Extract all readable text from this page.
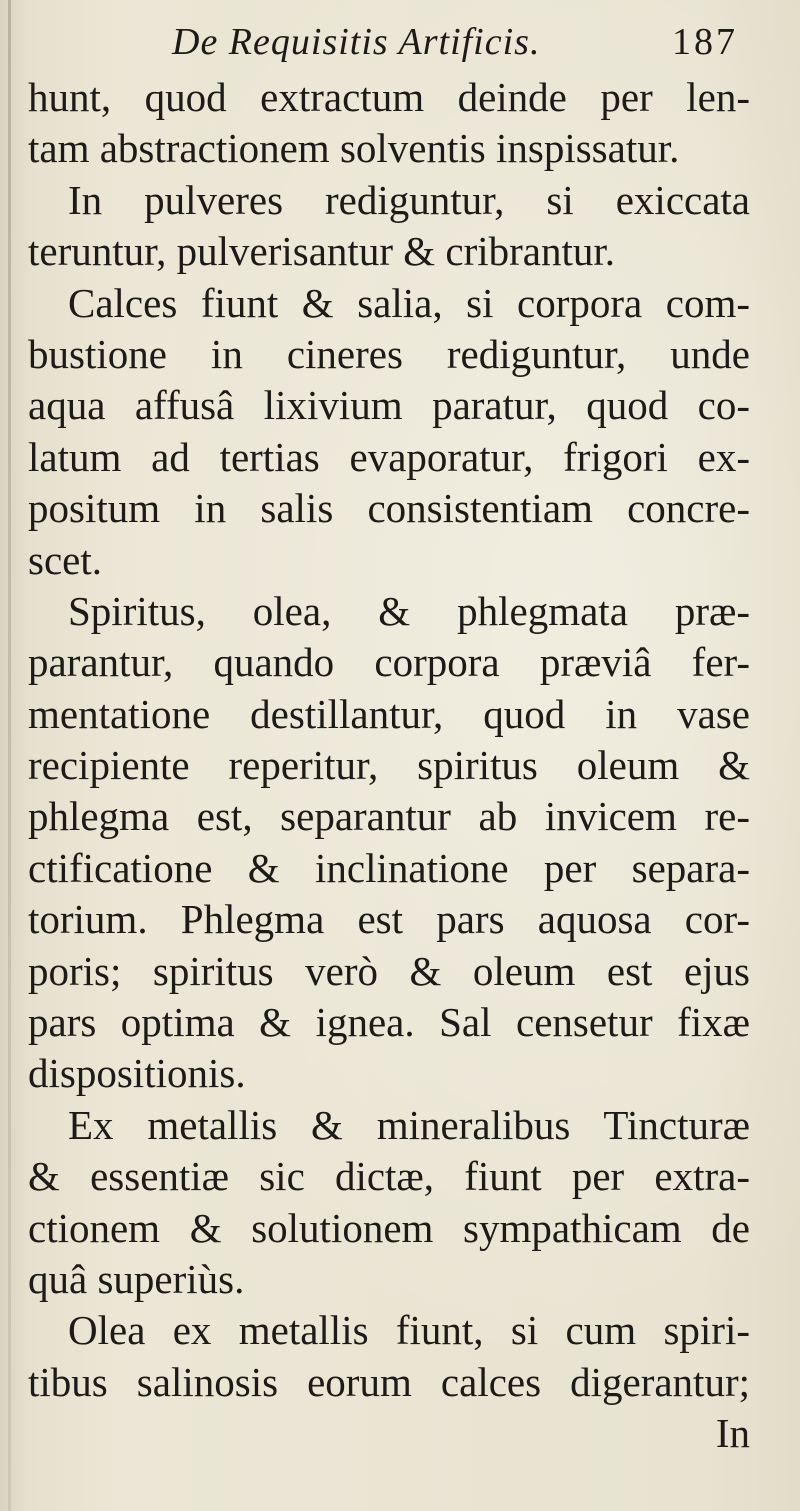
De Requisitis Artificis.	187
hunt, quod extractum deinde per len-
tam abstractionem solventis inspissatur.
In pulveres rediguntur, si exiccata
teruntur, pulverisantur & cribrantur.
Calces fiunt & salia, si corpora com-
bustione in cineres rediguntur, unde
aqua affusâ lixivium paratur, quod co-
latum ad tertias evaporatur, frigori ex-
positum in salis consistentiam concre-
scet.
Spiritus, olea, & phlegmata præ-
parantur, quando corpora præviâ fer-
mentatione destillantur, quod in vase
recipiente reperitur, spiritus oleum &
phlegma est, separantur ab invicem re-
ctificatione & inclinatione per separa-
torium. Phlegma est pars aquosa cor-
poris; spiritus verò & oleum est ejus
pars optima & ignea. Sal censetur fixæ
dispositionis.
Ex metallis & mineralibus Tincturæ
& essentiæ sic dictæ, fiunt per extra-
ctionem & solutionem sympathicam de
quâ superiùs.
Olea ex metallis fiunt, si cum spiri-
tibus salinosis eorum calces digerantur;
In
